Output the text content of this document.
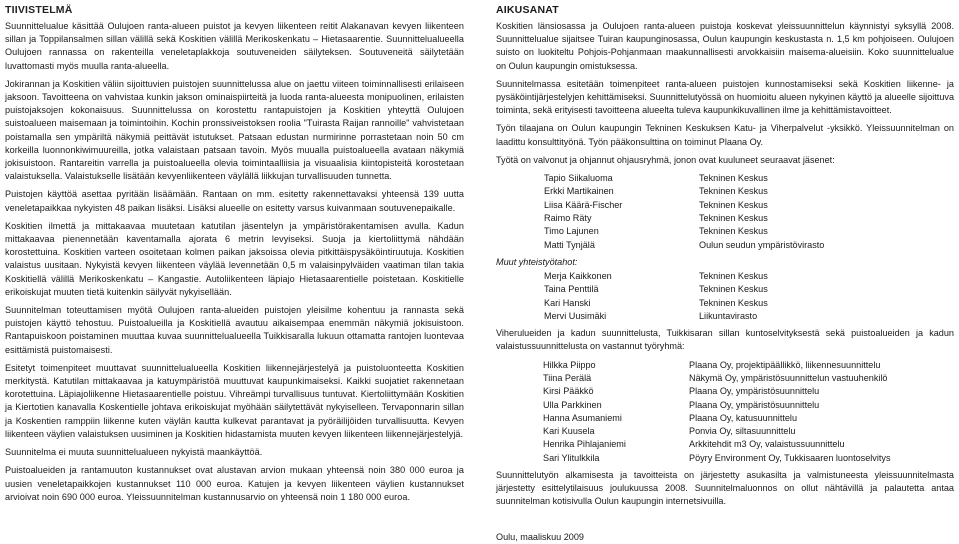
TIIVISTELMÄ

Suunnittelualue käsittää Oulujoen ranta-alueen puistot ja kevyen liikenteen reitit Alakanavan kevyen liikenteen sillan ja Toppilansalmen sillan välillä sekä Koskitien välillä Merikoskenkatu – Hietasaarentie. Suunnittelualueella Oulujoen rannassa on rakenteilla veneletaplakkoja soutuveneiden säilyteksen. Soutuveneitä säilytetään luvattomasti myös muulla ranta-alueella.

Jokirannan ja Koskitien väliin sijoittuvien puistojen suunnittelussa alue on jaettu viiteen toiminnallisesti erilaiseen jaksoon. Tavoitteena on vahvistaa kunkin jakson ominaispiirteitä ja luoda ranta-alueesta monipuolinen, erilaisten puistojaksojen kokonaisuus. Suunnittelussa on korostettu rantapuistojen ja Koskitien yhteyttä Oulujoen suistoalueen maisemaan ja toimintoihin. Kochin pronssiveistoksen roolia "Tuirasta Raijan rannoille" vahvistetaan poistamalla sen ympäriltä näkymiä peittävät istutukset. Patsaan edustan nurmirinne porrastetaan noin 50 cm korkeilla luonnonkiwimuureilla, jotka valaistaan patsaan tavoin. Myös muualla puistoalueella avataan näkymiä jokisuistoon. Rantareitin varrella ja puistoalueella olevia toimintaalliisia ja visuaalisia kiintopisteitä korostetaan valaistuksella. Valaistukselle lisätään kevyenliikenteen väylällä liikkujan turvallisuuden tunnetta.

Puistojen käyttöä asettaa pyritään lisäämään. Rantaan on mm. esitetty rakennettavaksi yhteensä 139 uutta veneletapaikkaa nykyisten 48 paikan lisäksi. Lisäksi alueelle on esitetty varsus kuivanmaan soutuvenepaikalle.

Koskitien ilmettä ja mittakaavaa muutetaan katutilan jäsentelyn ja ympäristörakentamisen avulla. Kadun mittakaavaa pienennetään kaventamalla ajorata 6 metrin levyiseksi. Suoja ja kiertoliittymä nähdään korostettuina. Koskitien varteen osoitetaan kolmen paikan jaksoissa olevia pitkittäispysäköintiruutuja. Koskitien valaistus uusitaan. Nykyistä kevyen liikenteen väylää levennetään 0,5 m valaisinpylväiden vaatiman tilan takia Koskitiellä välillä Merikoskenkatu – Kangastie. Autoliikenteen läpiajo Hietasaarentielle poistetaan. Koskitielle erikoiskujat muuten tietä kuitenkin säilyvät nykyisellään.

Suunnitelman toteuttamisen myötä Oulujoen ranta-alueiden puistojen yleisilme kohentuu ja rannasta sekä puistojen käyttö tehostuu. Puistoalueilla ja Koskitiellä avautuu aikaisempaa enemmän näkymiä jokisuistoon. Rantapuiskoon poistaminen muuttaa kuvaa suunnittelualueella Tuikkisaralla lukuun ottamatta rantojen luontevaa esittämistä puistomaisesti.

Esitetyt toimenpiteet muuttavat suunnittelualueella Koskitien liikennejärjestelyä ja puistoluonteetta Koskitien merkitystä. Katutilan mittakaavaa ja katuympäristöä muuttuvat kaupunkimaiseksi. Kaikki suojatiet rakennetaan korotettuina. Läpiajoliikenne Hietasaarentielle poistuu. Vihreämpi turvallisuus tuntuvat. Kiertoliittymään Koskitien ja Kiertotien kanavalla Koskentielle johtava erikoiskujat myöhään säilytettävät nykyiselleen. Tervaponnarin sillan ja Koskentien ramppiin liikenne kuten väylän kautta kulkevat parantavat ja pyöräilijöiden turvallisuutta. Kevyen liikenteen väylien valaistuksen uusiminen ja Koskitien hidastamista muuten kevyen liikenteen liikennejärjestelyjä.

Suunnitelma ei muuta suunnittelualueen nykyistä maankäyttöä.

Puistoalueiden ja rantamuuton kustannukset ovat alustavan arvion mukaan yhteensä noin 380 000 euroa ja uusien veneletapaikkojen kustannukset 110 000 euroa. Katujen ja kevyen liikenteen väylien kustannukset arvioivat noin 690 000 euroa. Yleissuunnitelman kustannusarvio on yhteensä noin 1 180 000 euroa.

AIKUSANAT

Koskitien länsiosassa ja Oulujoen ranta-alueen puistoja koskevat yleissuunnittelun käynnistyi syksyllä 2008. Suunnittelualue sijaitsee Tuiran kaupunginosassa, Oulun kaupungin keskustasta n. 1,5 km pohjoiseen. Oulujoen suisto on luokiteltu Pohjois-Pohjanmaan maakunnallisesti arvokkaisiin maisema-alueisiin. Koko suunnittelualue on Oulun kaupungin omistuksessa.

Suunnitelmassa esitetään toimenpiteet ranta-alueen puistojen kunnostamiseksi sekä Koskitien liikenne- ja pysäköintijärjestelyjen kehittämiseksi. Suunnittelutyössä on huomioitu alueen nykyinen käyttö ja alueelle sijoittuva toiminta, sekä erityisesti tavoitteena alueelta tuleva kaupunkikuvallinen ilme ja kehittämistavoitteet.

Työn tilaajana on Oulun kaupungin Tekninen Keskuksen Katu- ja Viherpalvelut -yksikkö. Yleissuunnitelman on laadittu konsulttityönä. Työn pääkonsulttina on toiminut Plaana Oy.

Työtä on valvonut ja ohjannut ohjausryhmä, jonon ovat kuuluneet seuraavat jäsenet:

Tapio Siikaluoma	Tekninen Keskus
Erkki Martikainen	Tekninen Keskus
Liisa Käärä-Fischer	Tekninen Keskus
Raimo Räty	Tekninen Keskus
Timo Lajunen	Tekninen Keskus
Matti Tynjälä	Oulun seudun ympäristövirasto
Muut yhteistyötahot:
Merja Kaikkonen	Tekninen Keskus
Taina Penttilä	Tekninen Keskus
Kari Hanski	Tekninen Keskus
Mervi Uusimäki	Liikuntavirasto

Viherulueiden ja kadun suunnittelusta, Tuikkisaran sillan kuntoselvityksestä sekä puistoalueiden ja kadun valaistussuunnittelusta on vastannut työryhmä:

Hilkka Piippo	Plaana Oy, projektipäällikkö, liikennesuunnittelu
Tiina Perälä	Näkymä Oy, ympäristösuunnittelun vastuuhenkilö
Kirsi Pääkkö	Plaana Oy, ympäristösuunnittelu
Ulla Parkkinen	Plaana Oy, ympäristösuunnittelu
Hanna Asumaniemi	Plaana Oy, katusuunnittelu
Kari Kuusela	Ponvia Oy, siltasuunnittelu
Henrika Pihlajaniemi	Arkkitehdit m3 Oy, valaistussuunnittelu
Sari Ylitulkkila	Pöyry Environment Oy, Tukkisaaren luontoselvitys

Suunnittelutyön alkamisesta ja tavoitteista on järjestetty asukasilta ja valmistuneesta yleissuunnitelmasta järjestetty esittelytilaisuus joulukuussa 2008. Suunnitelmaluonnos on ollut nähtävillä ja palautetta antaa suunnitelman kotisivulla Oulun kaupungin internetsivuilla.

Oulu, maaliskuu 2009
